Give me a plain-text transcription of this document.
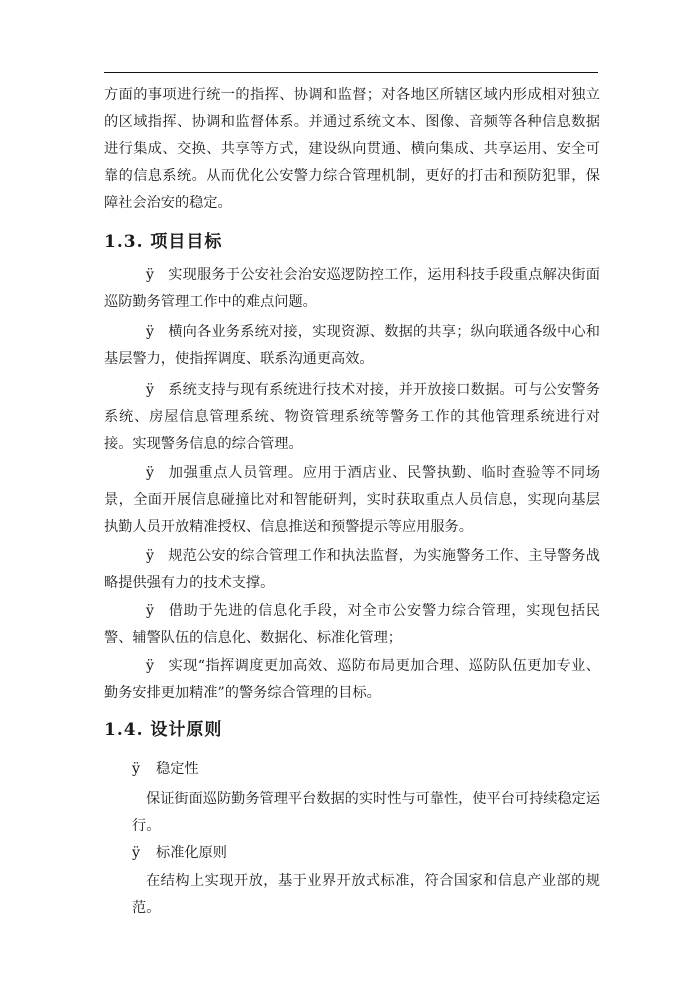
方面的事项进行统一的指挥、协调和监督；对各地区所辖区域内形成相对独立的区域指挥、协调和监督体系。并通过系统文本、图像、音频等各种信息数据进行集成、交换、共享等方式，建设纵向贯通、横向集成、共享运用、安全可靠的信息系统。从而优化公安警力综合管理机制，更好的打击和预防犯罪，保障社会治安的稳定。

1.3. 项目目标

ÿ 实现服务于公安社会治安巡逻防控工作，运用科技手段重点解决街面巡防勤务管理工作中的难点问题。

ÿ 横向各业务系统对接，实现资源、数据的共享；纵向联通各级中心和基层警力，使指挥调度、联系沟通更高效。

ÿ 系统支持与现有系统进行技术对接，并开放接口数据。可与公安警务系统、房屋信息管理系统、物资管理系统等警务工作的其他管理系统进行对接。实现警务信息的综合管理。

ÿ 加强重点人员管理。应用于酒店业、民警执勤、临时查验等不同场景，全面开展信息碰撞比对和智能研判，实时获取重点人员信息，实现向基层执勤人员开放精准授权、信息推送和预警提示等应用服务。

ÿ 规范公安的综合管理工作和执法监督，为实施警务工作、主导警务战略提供强有力的技术支撑。

ÿ 借助于先进的信息化手段，对全市公安警力综合管理，实现包括民警、辅警队伍的信息化、数据化、标准化管理；

ÿ 实现“指挥调度更加高效、巡防布局更加合理、巡防队伍更加专业、勤务安排更加精准”的警务综合管理的目标。

1.4. 设计原则

ÿ 稳定性

保证街面巡防勤务管理平台数据的实时性与可靠性，使平台可持续稳定运行。

ÿ 标准化原则

在结构上实现开放，基于业界开放式标准，符合国家和信息产业部的规范。
